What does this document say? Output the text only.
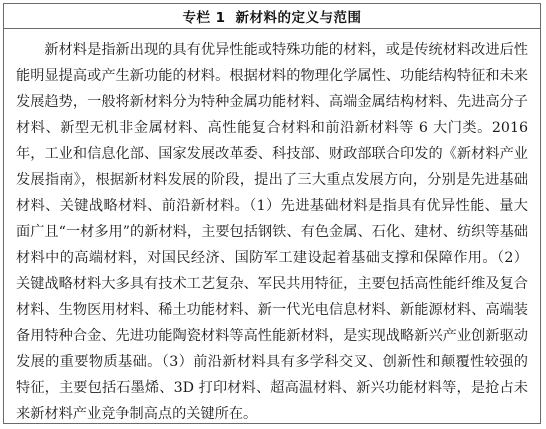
专栏 1 新材料的定义与范围

新材料是指新出现的具有优异性能或特殊功能的材料，或是传统材料改进后性能明显提高或产生新功能的材料。根据材料的物理化学属性、功能结构特征和未来发展趋势，一般将新材料分为特种金属功能材料、高端金属结构材料、先进高分子材料、新型无机非金属材料、高性能复合材料和前沿新材料等 6 大门类。2016 年，工业和信息化部、国家发展改革委、科技部、财政部联合印发的《新材料产业发展指南》，根据新材料发展的阶段，提出了三大重点发展方向，分别是先进基础材料、关键战略材料、前沿新材料。（1）先进基础材料是指具有优异性能、量大面广且“一材多用”的新材料，主要包括钢铁、有色金属、石化、建材、纺织等基础材料中的高端材料，对国民经济、国防军工建设起着基础支撑和保障作用。（2）关键战略材料大多具有技术工艺复杂、军民共用特征，主要包括高性能纤维及复合材料、生物医用材料、稀土功能材料、新一代光电信息材料、新能源材料、高端装备用特种合金、先进功能陶瓷材料等高性能新材料，是实现战略新兴产业创新驱动发展的重要物质基础。（3）前沿新材料具有多学科交叉、创新性和颠覆性较强的特征，主要包括石墨烯、3D 打印材料、超高温材料、新兴功能材料等，是抢占未来新材料产业竞争制高点的关键所在。
